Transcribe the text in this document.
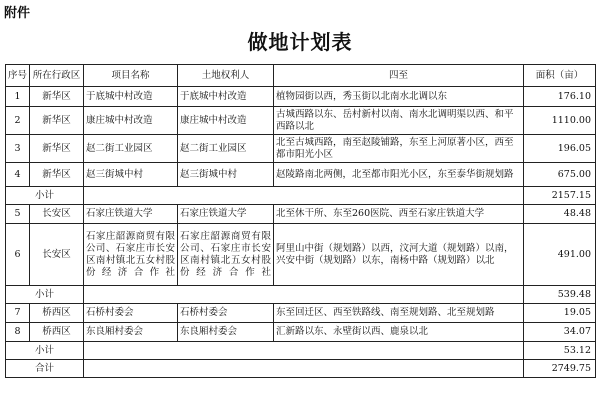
附件
做地计划表
序号	所在行政区	项目名称	土地权利人	四至	面积（亩）
1	新华区	于底城中村改造	于底城中村改造	植物园街以西，秀玉街以北南水北调以东	176.10
2	新华区	康庄城中村改造	康庄城中村改造	古城西路以东、岳村新村以南、南水北调明渠以西、和平西路以北	1110.00
3	新华区	赵二街工业园区	赵二街工业园区	北至古城西路，南至赵陵铺路，东至上河原著小区，西至都市阳光小区	196.05
4	新华区	赵三街城中村	赵三街城中村	赵陵路南北两侧，北至都市阳光小区，东至泰华街规划路	675.00
小计					2157.15
5	长安区	石家庄铁道大学	石家庄铁道大学	北至休干所、东至260医院、西至石家庄铁道大学	48.48
6	长安区	石家庄韶源商贸有限公司、石家庄市长安区南村镇北五女村股份经济合作社	石家庄韶源商贸有限公司、石家庄市长安区南村镇北五女村股份经济合作社	阿里山中街（规划路）以西，汶河大道（规划路）以南，兴安中街（规划路）以东，南杨中路（规划路）以北	491.00
小计					539.48
7	桥西区	石桥村委会	石桥村委会	东至回迁区、西至铁路线、南至规划路、北至规划路	19.05
8	桥西区	东良厢村委会	东良厢村委会	汇新路以东、永壁街以西、鹿泉以北	34.07
小计					53.12
合计					2749.75
